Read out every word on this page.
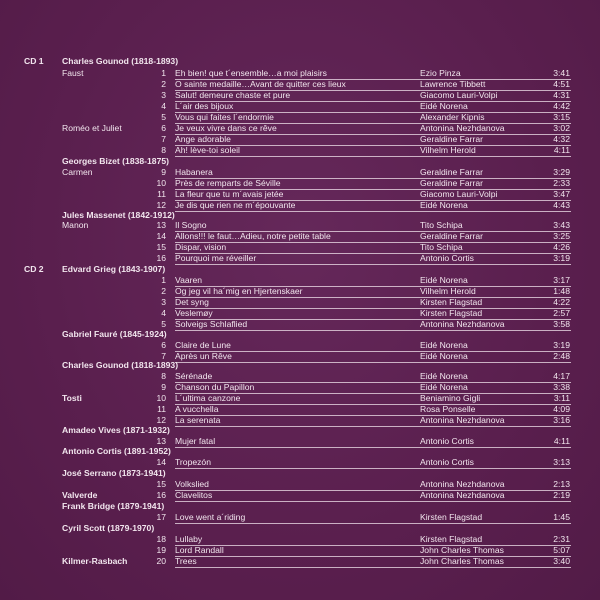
CD 1 Charles Gounod (1818-1893)
Faust	1 Eh bien! que t´ensemble…a moi plaisirs	Ezio Pinza	3:41
2 O sainte medaille…Avant de quitter ces lieux	Lawrence Tibbett	4:51
3 Salut! demeure chaste et pure	Giacomo Lauri-Volpi	4:31
4 L´air des bijoux	Eidé Norena	4:42
5 Vous qui faites l´endormie	Alexander Kipnis	3:15
Roméo et Juliet	6 Je veux vivre dans ce rêve	Antonina Nezhdanova	3:02
7 Ange adorable	Geraldine Farrar	4:32
8 Ah! lève-toi soleil	Vilhelm Herold	4:11
Georges Bizet (1838-1875)
Carmen	9 Habanera	Geraldine Farrar	3:29
10 Près de remparts de Séville	Geraldine Farrar	2:33
11 La fleur que tu m´avais jetée	Giacomo Lauri-Volpi	3:47
12 Je dis que rien ne m´épouvante	Eidé Norena	4:43
Jules Massenet (1842-1912)
Manon	13 Il Sogno	Tito Schipa	3:43
14 Allons!!! le faut…Adieu, notre petite table	Geraldine Farrar	3:25
15 Dispar, vision	Tito Schipa	4:26
16 Pourquoi me réveiller	Antonio Cortis	3:19
CD 2 Edvard Grieg (1843-1907)
1 Vaaren	Eidé Norena	3:17
2 Og jeg vil ha´mig en Hjertenskaer	Vilhelm Herold	1:48
3 Det syng	Kirsten Flagstad	4:22
4 Veslemøy	Kirsten Flagstad	2:57
5 Solveigs Schlaflied	Antonina Nezhdanova	3:58
Gabriel Fauré (1845-1924)
6 Claire de Lune	Eidé Norena	3:19
7 Après un Rêve	Eidé Norena	2:48
Charles Gounod (1818-1893)
8 Sérénade	Eidé Norena	4:17
9 Chanson du Papillon	Eidé Norena	3:38
Tosti	10 L´ultima canzone	Beniamino Gigli	3:11
11 A vucchella	Rosa Ponselle	4:09
12 La serenata	Antonina Nezhdanova	3:16
Amadeo Vives (1871-1932)
13 Mujer fatal	Antonio Cortis	4:11
Antonio Cortis (1891-1952)
14 Tropezón	Antonio Cortis	3:13
José Serrano (1873-1941)
15 Volkslied	Antonina Nezhdanova	2:13
Valverde	16 Clavelitos	Antonina Nezhdanova	2:19
Frank Bridge (1879-1941)
17 Love went a´riding	Kirsten Flagstad	1:45
Cyril Scott (1879-1970)
18 Lullaby	Kirsten Flagstad	2:31
19 Lord Randall	John Charles Thomas	5:07
Kilmer-Rasbach	20 Trees	John Charles Thomas	3:40
